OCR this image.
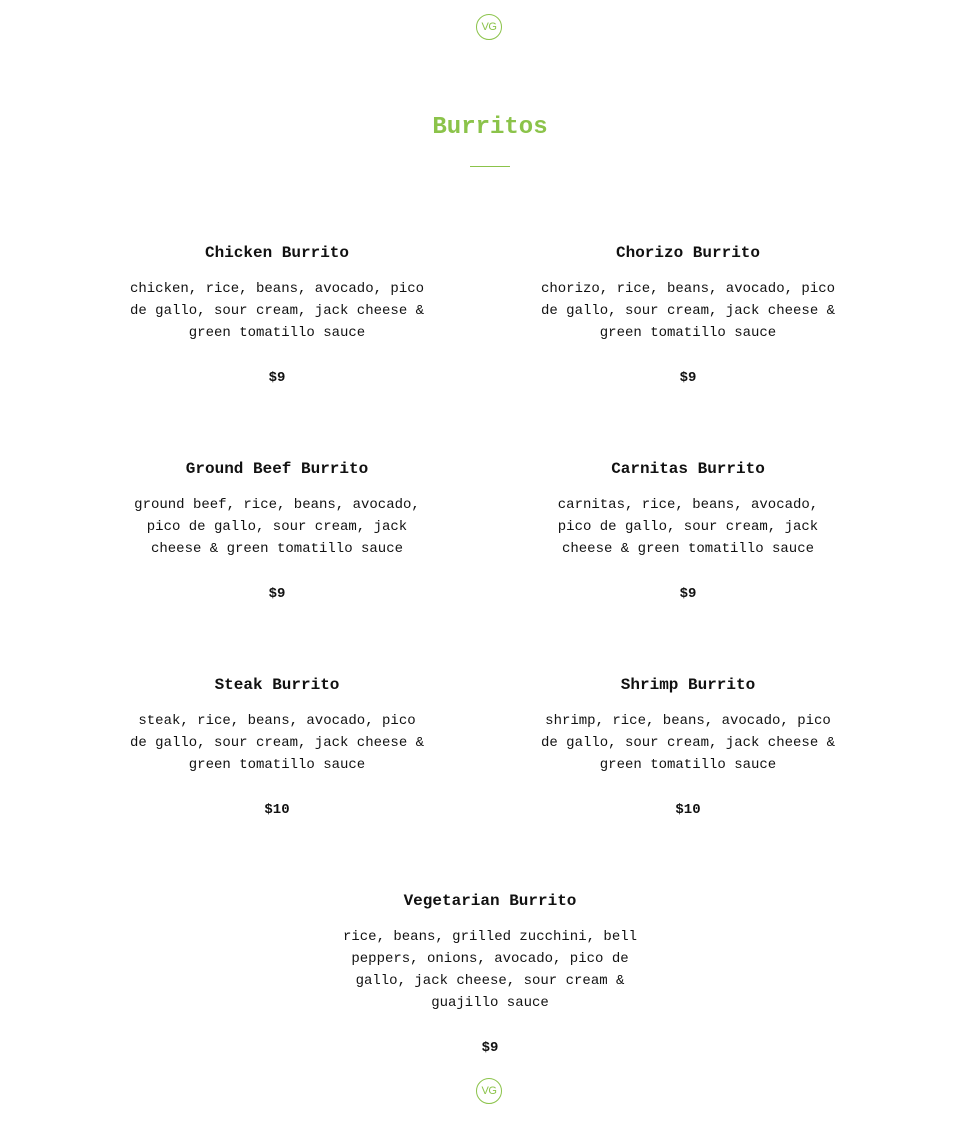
VG
Burritos
Chicken Burrito
chicken, rice, beans, avocado, pico de gallo, sour cream, jack cheese & green tomatillo sauce
$9
Chorizo Burrito
chorizo, rice, beans, avocado, pico de gallo, sour cream, jack cheese & green tomatillo sauce
$9
Ground Beef Burrito
ground beef, rice, beans, avocado, pico de gallo, sour cream, jack cheese & green tomatillo sauce
$9
Carnitas Burrito
carnitas, rice, beans, avocado, pico de gallo, sour cream, jack cheese & green tomatillo sauce
$9
Steak Burrito
steak, rice, beans, avocado, pico de gallo, sour cream, jack cheese & green tomatillo sauce
$10
Shrimp Burrito
shrimp, rice, beans, avocado, pico de gallo, sour cream, jack cheese & green tomatillo sauce
$10
Vegetarian Burrito
rice, beans, grilled zucchini, bell peppers, onions, avocado, pico de gallo, jack cheese, sour cream & guajillo sauce
$9
VG
